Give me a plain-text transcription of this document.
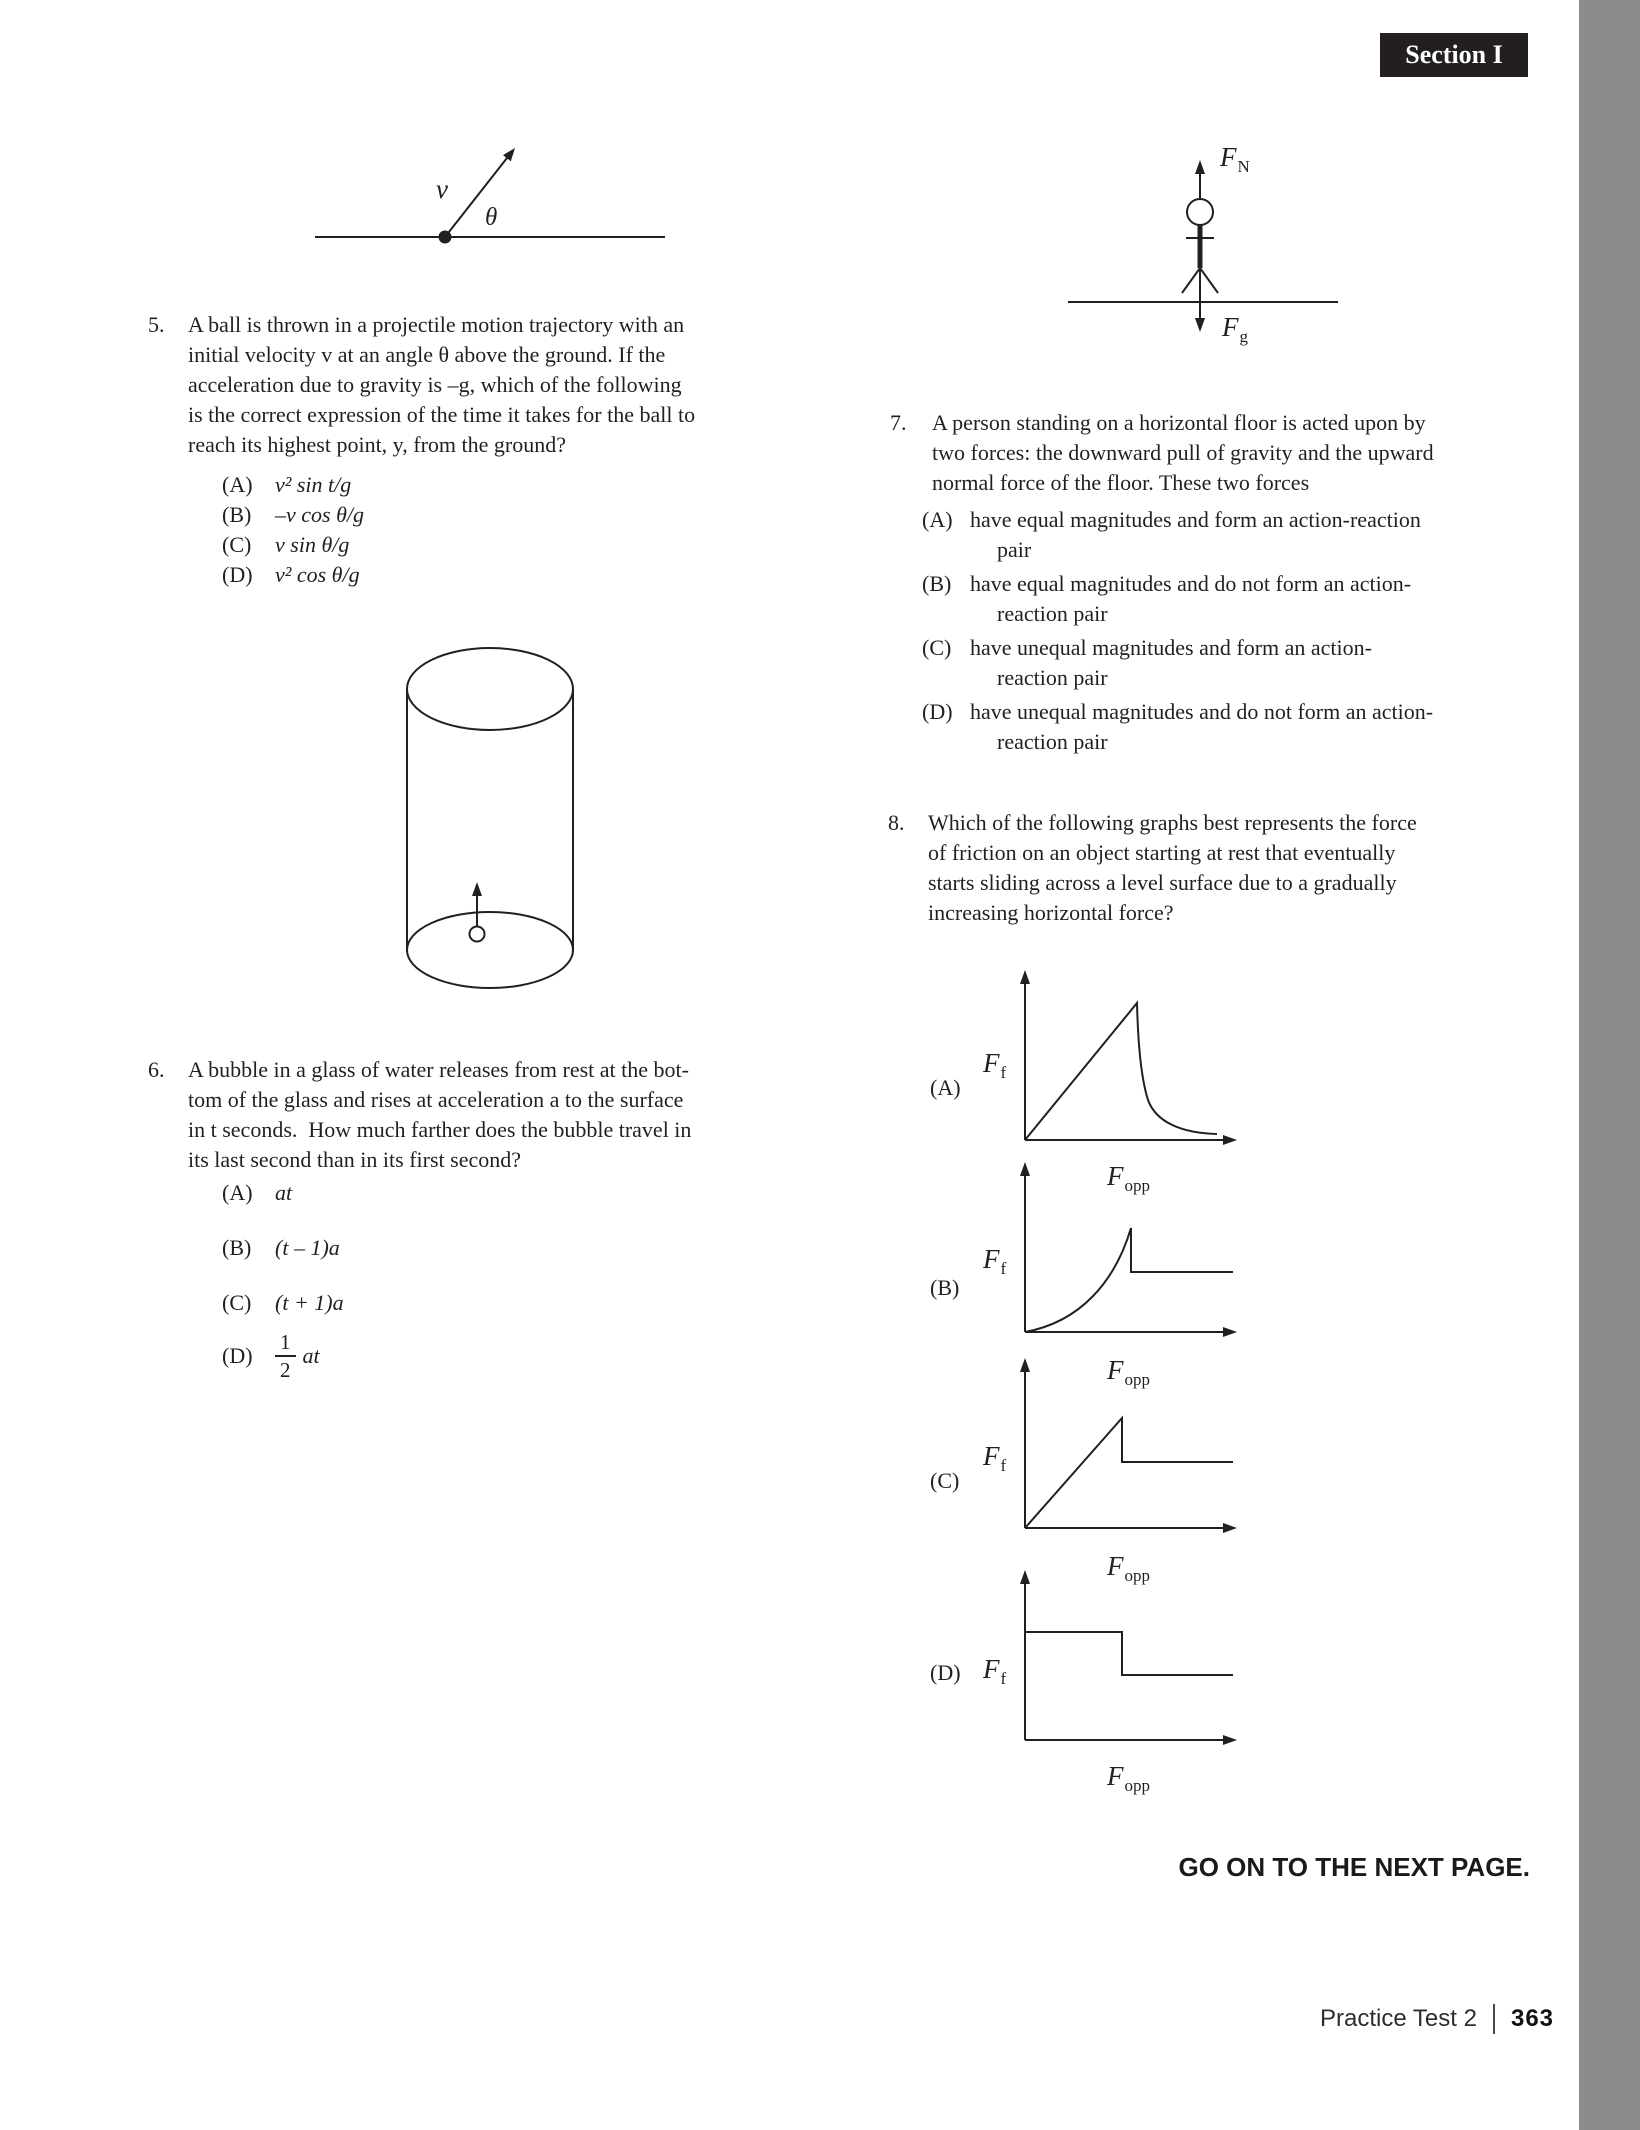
Section I
v
θ
$F_N$
$F_g$
5.	A ball is thrown in a projectile motion trajectory with an
initial velocity v at an angle θ above the ground. If the
acceleration due to gravity is –g, which of the following
is the correct expression of the time it takes for the ball to
reach its highest point, y, from the ground?
(A)	v² sin t/g
(B)	–v cos θ/g
(C)	v sin θ/g
(D)	v² cos θ/g
6.	A bubble in a glass of water releases from rest at the bot-
tom of the glass and rises at acceleration a to the surface
in t seconds.  How much farther does the bubble travel in
its last second than in its first second?
(A)	at
(B)	(t – 1)a
(C)	(t + 1)a
(D)	$\frac{1}{2}$ at
7.	A person standing on a horizontal floor is acted upon by
two forces: the downward pull of gravity and the upward
normal force of the floor. These two forces
(A) have equal magnitudes and form an action-reaction
pair
(B) have equal magnitudes and do not form an action-
reaction pair
(C) have unequal magnitudes and form an action-
reaction pair
(D) have unequal magnitudes and do not form an action-
reaction pair
8.	Which of the following graphs best represents the force
of friction on an object starting at rest that eventually
starts sliding across a level surface due to a gradually
increasing horizontal force?
(A)
$F_f$
$F_{opp}$
(B)
$F_f$
$F_{opp}$
(C)
$F_f$
$F_{opp}$
(D) $F_f$
$F_{opp}$
GO ON TO THE NEXT PAGE.
Practice Test 2 363
